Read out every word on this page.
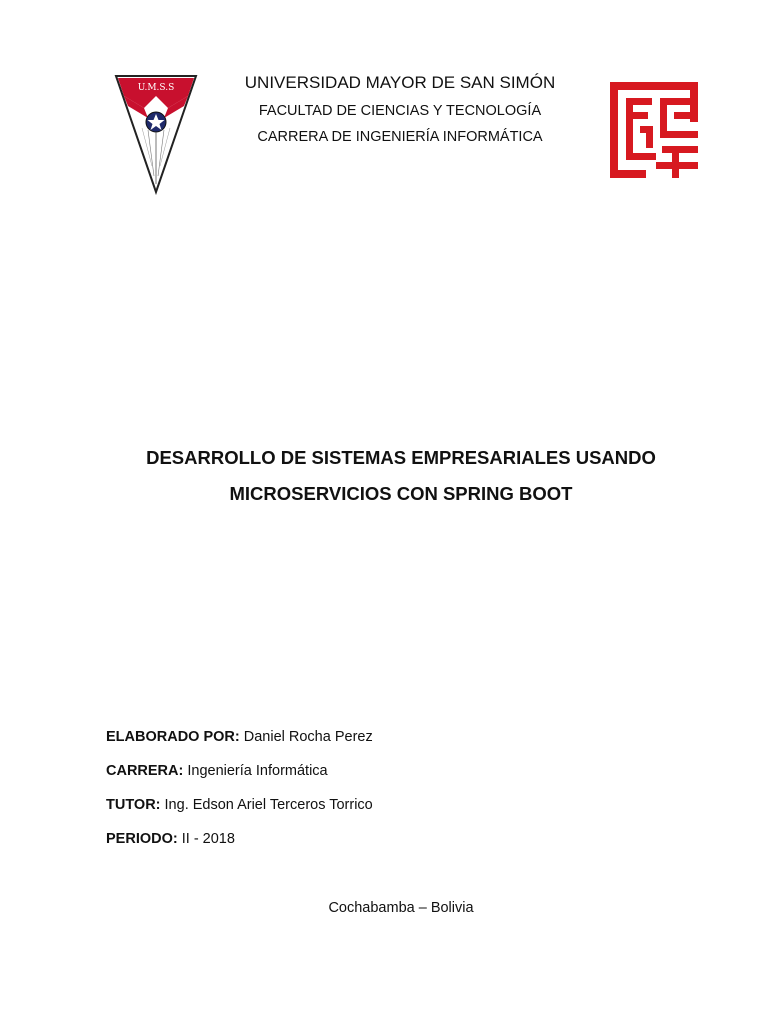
U.M.S.S	UNIVERSIDAD MAYOR DE SAN SIMÓN

FACULTAD DE CIENCIAS Y TECNOLOGÍA

CARRERA DE INGENIERÍA INFORMÁTICA

DESARROLLO DE SISTEMAS EMPRESARIALES USANDO
MICROSERVICIOS CON SPRING BOOT

ELABORADO POR: Daniel Rocha Perez

CARRERA: Ingeniería Informática

TUTOR: Ing. Edson Ariel Terceros Torrico

PERIODO: II - 2018

Cochabamba – Bolivia
